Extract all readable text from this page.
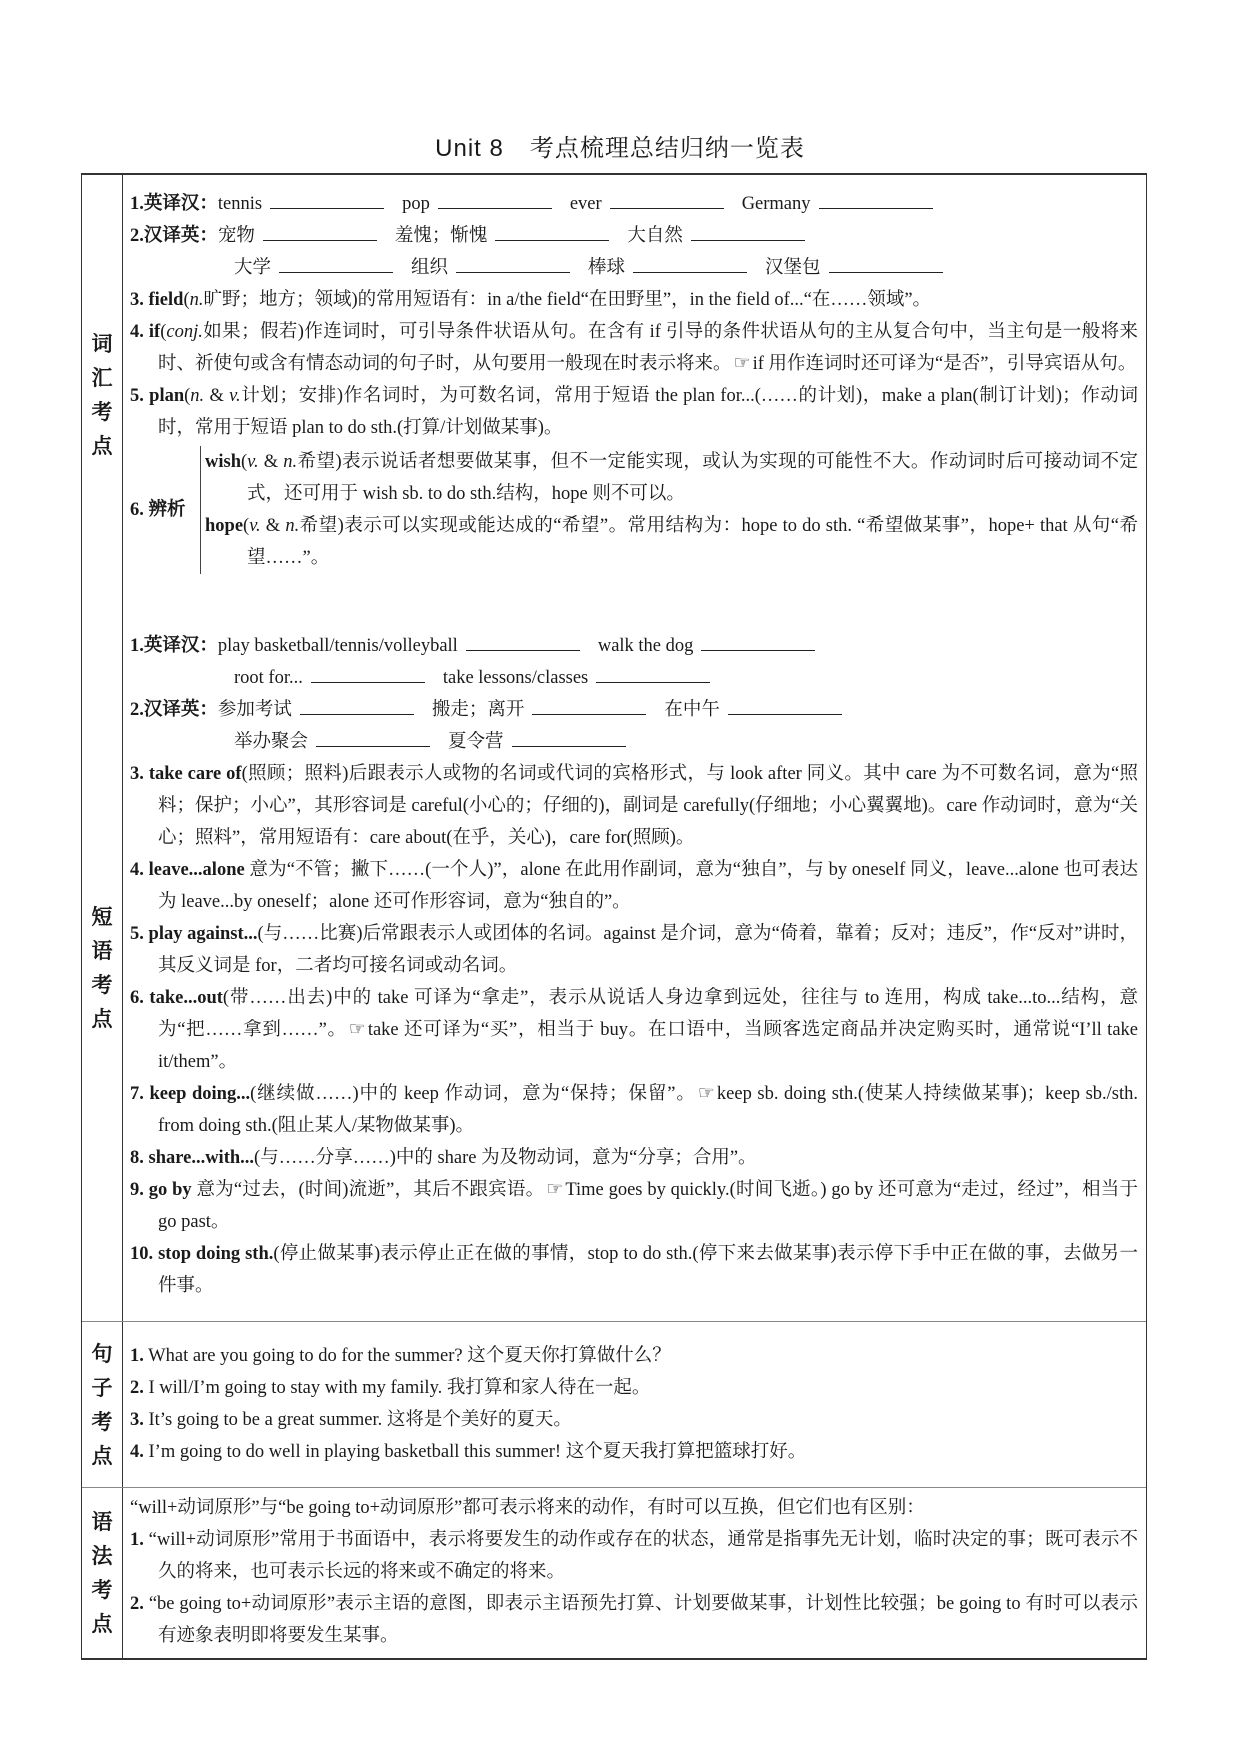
Unit 8 考点梳理总结归纳一览表
词
汇
考
点
1.英译汉：tennis	pop	ever	Germany
2.汉译英：宠物	羞愧；惭愧	大自然
大学	组织	棒球	汉堡包
3. field(n.旷野；地方；领域)的常用短语有：in a/the field“在田野里”，in the field of...“在……领域”。
4. if(conj.如果；假若)作连词时，可引导条件状语从句。在含有 if 引导的条件状语从句的主从复合句中，当主句是一般将来时、祈使句或含有情态动词的句子时，从句要用一般现在时表示将来。 ☞ if 用作连词时还可译为“是否”，引导宾语从句。
5. plan(n. & v.计划；安排)作名词时，为可数名词，常用于短语 the plan for...(……的计划)，make a plan(制订计划)；作动词时，常用于短语 plan to do sth.(打算/计划做某事)。
6. 辨析
wish(v. & n.希望)表示说话者想要做某事，但不一定能实现，或认为实现的可能性不大。作动词时后可接动词不定式，还可用于 wish sb. to do sth.结构，hope 则不可以。
hope(v. & n.希望)表示可以实现或能达成的“希望”。常用结构为：hope to do sth. “希望做某事”，hope+ that 从句“希望……”。
短
语
考
点
1.英译汉：play basketball/tennis/volleyball	walk the dog
root for...	take lessons/classes
2.汉译英：参加考试	搬走；离开	在中午
举办聚会	夏令营
3. take care of(照顾；照料)后跟表示人或物的名词或代词的宾格形式，与 look after 同义。其中 care 为不可数名词，意为“照料；保护；小心”，其形容词是 careful(小心的；仔细的)，副词是 carefully(仔细地；小心翼翼地)。care 作动词时，意为“关心；照料”，常用短语有：care about(在乎，关心)，care for(照顾)。
4. leave...alone 意为“不管；撇下……(一个人)”，alone 在此用作副词，意为“独自”，与 by oneself 同义，leave...alone 也可表达为 leave...by oneself；alone 还可作形容词，意为“独自的”。
5. play against...(与……比赛)后常跟表示人或团体的名词。against 是介词，意为“倚着，靠着；反对；违反”，作“反对”讲时，其反义词是 for，二者均可接名词或动名词。
6. take...out(带……出去)中的 take 可译为“拿走”，表示从说话人身边拿到远处，往往与 to 连用，构成 take...to...结构，意为“把……拿到……”。 ☞ take 还可译为“买”，相当于 buy。在口语中，当顾客选定商品并决定购买时，通常说“I’ll take it/them”。
7. keep doing...(继续做……)中的 keep 作动词，意为“保持；保留”。 ☞ keep sb. doing sth.(使某人持续做某事)；keep sb./sth. from doing sth.(阻止某人/某物做某事)。
8. share...with...(与……分享……)中的 share 为及物动词，意为“分享；合用”。
9. go by 意为“过去，(时间)流逝”，其后不跟宾语。 ☞ Time goes by quickly.(时间飞逝。) go by 还可意为“走过，经过”，相当于 go past。
10. stop doing sth.(停止做某事)表示停止正在做的事情，stop to do sth.(停下来去做某事)表示停下手中正在做的事，去做另一件事。
句
子
考
点
1. What are you going to do for the summer? 这个夏天你打算做什么？
2. I will/I’m going to stay with my family. 我打算和家人待在一起。
3. It’s going to be a great summer. 这将是个美好的夏天。
4. I’m going to do well in playing basketball this summer! 这个夏天我打算把篮球打好。
语
法
考
点
“will+动词原形”与“be going to+动词原形”都可表示将来的动作，有时可以互换，但它们也有区别：
1. “will+动词原形”常用于书面语中，表示将要发生的动作或存在的状态，通常是指事先无计划，临时决定的事；既可表示不久的将来，也可表示长远的将来或不确定的将来。
2. “be going to+动词原形”表示主语的意图，即表示主语预先打算、计划要做某事，计划性比较强；be going to 有时可以表示有迹象表明即将要发生某事。
